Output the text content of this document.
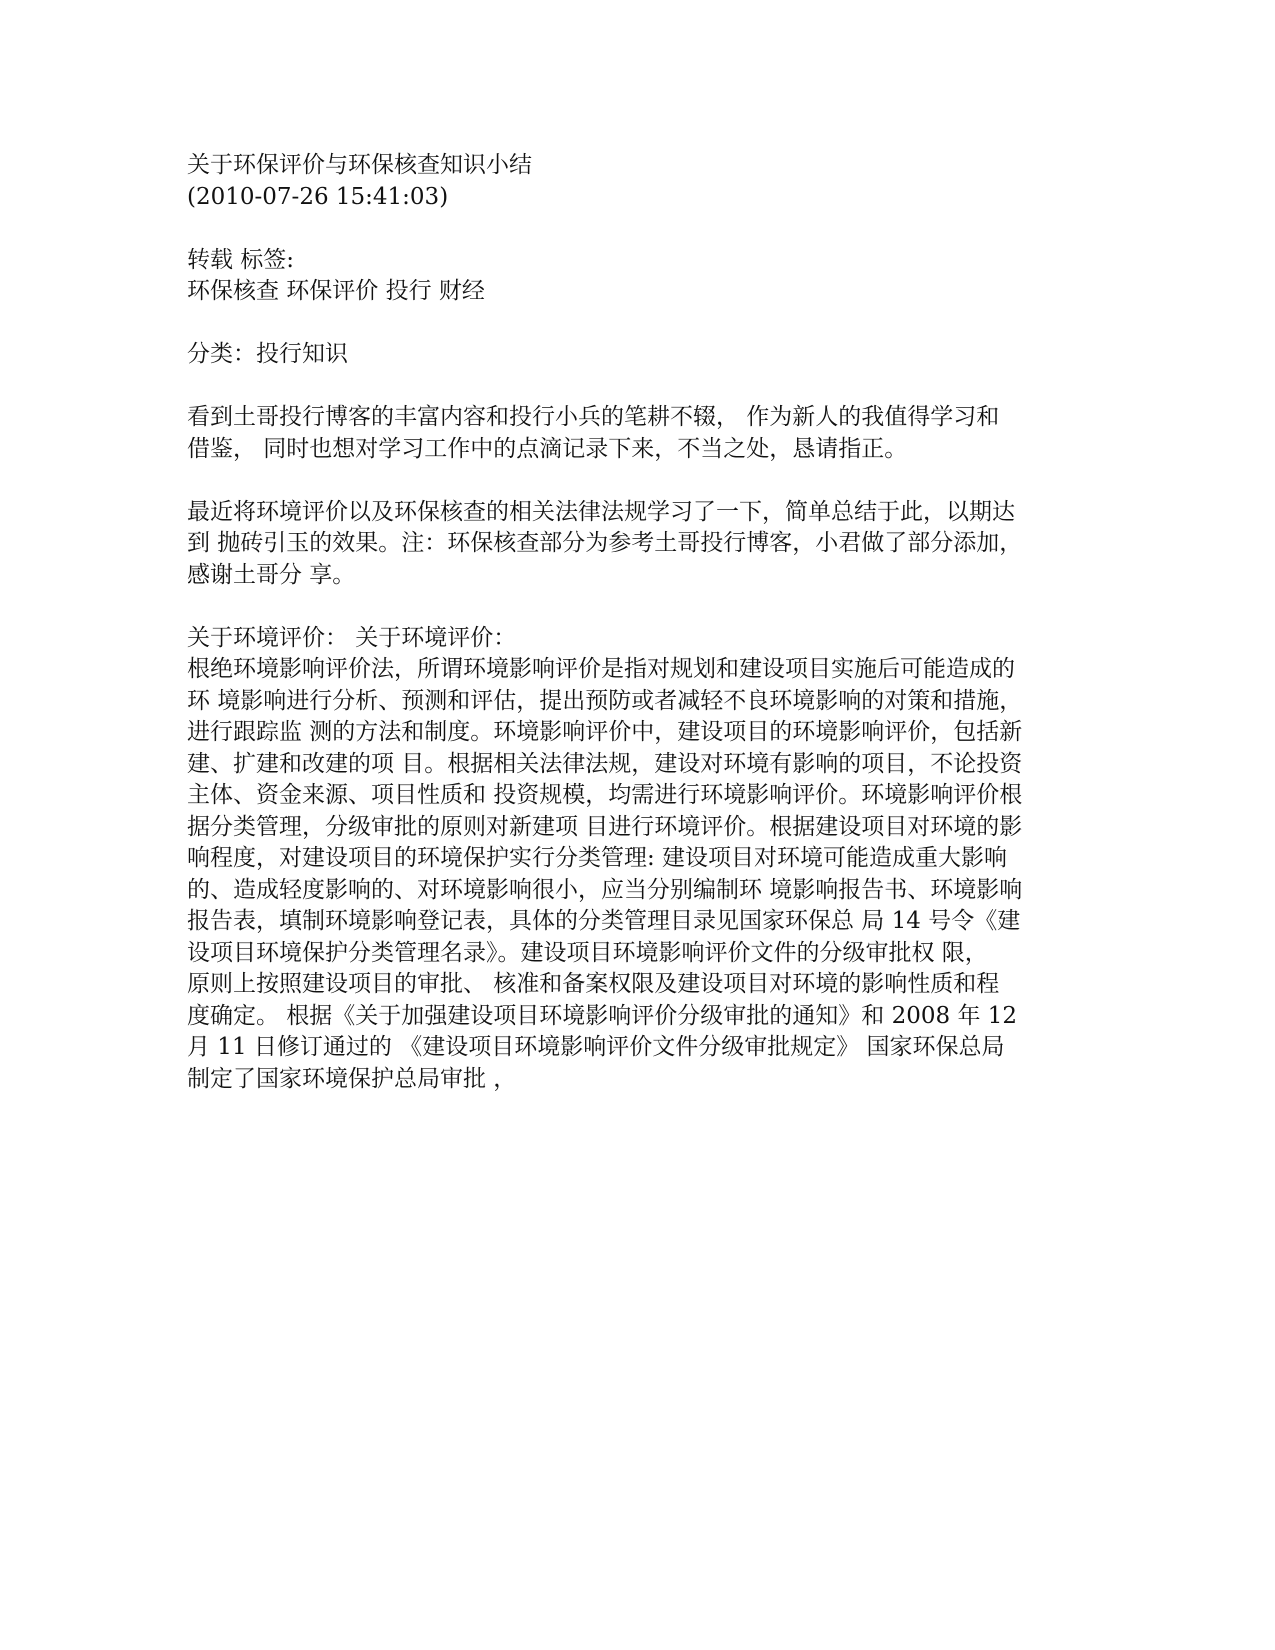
关于环保评价与环保核查知识小结
(2010-07-26 15:41:03)
转载 标签:
环保核查 环保评价 投行 财经
分类：投行知识
看到土哥投行博客的丰富内容和投行小兵的笔耕不辍， 作为新人的我值得学习和
借鉴， 同时也想对学习工作中的点滴记录下来，不当之处，恳请指正。
最近将环境评价以及环保核查的相关法律法规学习了一下，简单总结于此，以期达
到 抛砖引玉的效果。注：环保核查部分为参考土哥投行博客，小君做了部分添加，
感谢土哥分 享。
关于环境评价： 关于环境评价：
根绝环境影响评价法，所谓环境影响评价是指对规划和建设项目实施后可能造成的
环 境影响进行分析、预测和评估，提出预防或者减轻不良环境影响的对策和措施，
进行跟踪监 测的方法和制度。环境影响评价中，建设项目的环境影响评价，包括新
建、扩建和改建的项 目。根据相关法律法规，建设对环境有影响的项目，不论投资
主体、资金来源、项目性质和 投资规模，均需进行环境影响评价。环境影响评价根
据分类管理，分级审批的原则对新建项 目进行环境评价。根据建设项目对环境的影
响程度，对建设项目的环境保护实行分类管理: 建设项目对环境可能造成重大影响
的、造成轻度影响的、对环境影响很小，应当分别编制环 境影响报告书、环境影响
报告表，填制环境影响登记表，具体的分类管理目录见国家环保总 局 14 号令《建
设项目环境保护分类管理名录》。建设项目环境影响评价文件的分级审批权 限，
原则上按照建设项目的审批、 核准和备案权限及建设项目对环境的影响性质和程
度确定。 根据《关于加强建设项目环境影响评价分级审批的通知》和 2008 年 12
月 11 日修订通过的 《建设项目环境影响评价文件分级审批规定》 国家环保总局
制定了国家环境保护总局审批 ，
